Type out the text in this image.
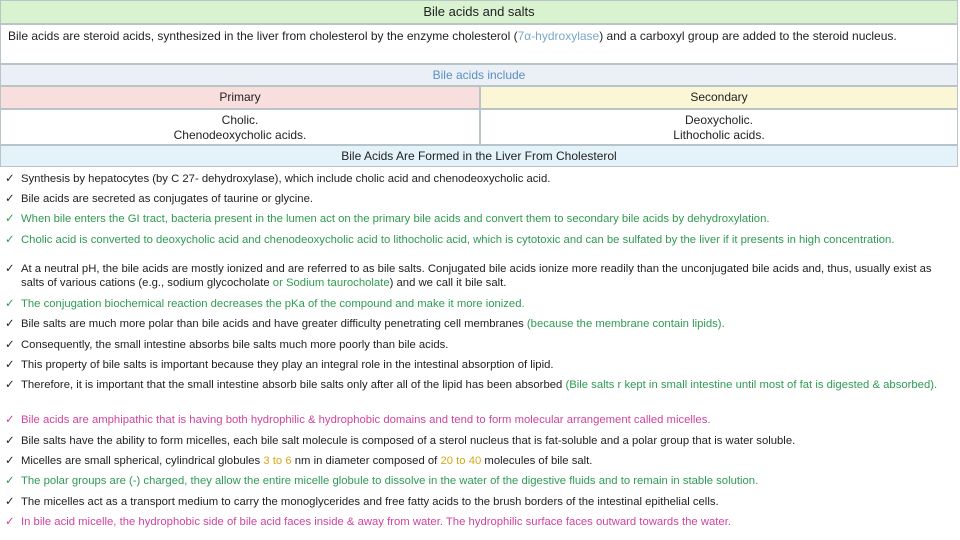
Bile acids and salts
Bile acids are steroid acids, synthesized in the liver from cholesterol by the enzyme cholesterol (7α-hydroxylase) and a carboxyl group are added to the steroid nucleus.
Bile acids include
Primary	Secondary
Cholic.
Chenodeoxycholic acids.
Deoxycholic.
Lithocholic acids.
Bile Acids Are Formed in the Liver From Cholesterol
✓ Synthesis by hepatocytes (by C 27- dehydroxylase), which include cholic acid and chenodeoxycholic acid.
✓ Bile acids are secreted as conjugates of taurine or glycine.
✓ When bile enters the GI tract, bacteria present in the lumen act on the primary bile acids and convert them to secondary bile acids by dehydroxylation.
✓ Cholic acid is converted to deoxycholic acid and chenodeoxycholic acid to lithocholic acid, which is cytotoxic and can be sulfated by the liver if it presents in high concentration.
✓ At a neutral pH, the bile acids are mostly ionized and are referred to as bile salts. Conjugated bile acids ionize more readily than the unconjugated bile acids and, thus, usually exist as salts of various cations (e.g., sodium glycocholate or Sodium taurocholate) and we call it bile salt.
✓ The conjugation biochemical reaction decreases the pKa of the compound and make it more ionized.
✓ Bile salts are much more polar than bile acids and have greater difficulty penetrating cell membranes (because the membrane contain lipids).
✓ Consequently, the small intestine absorbs bile salts much more poorly than bile acids.
✓ This property of bile salts is important because they play an integral role in the intestinal absorption of lipid.
✓ Therefore, it is important that the small intestine absorb bile salts only after all of the lipid has been absorbed (Bile salts r kept in small intestine until most of fat is digested & absorbed).
✓ Bile acids are amphipathic that is having both hydrophilic & hydrophobic domains and tend to form molecular arrangement called micelles.
✓ Bile salts have the ability to form micelles, each bile salt molecule is composed of a sterol nucleus that is fat-soluble and a polar group that is water soluble.
✓ Micelles are small spherical, cylindrical globules 3 to 6 nm in diameter composed of 20 to 40 molecules of bile salt.
✓ The polar groups are (-) charged, they allow the entire micelle globule to dissolve in the water of the digestive fluids and to remain in stable solution.
✓ The micelles act as a transport medium to carry the monoglycerides and free fatty acids to the brush borders of the intestinal epithelial cells.
✓ In bile acid micelle, the hydrophobic side of bile acid faces inside & away from water. The hydrophilic surface faces outward towards the water.
